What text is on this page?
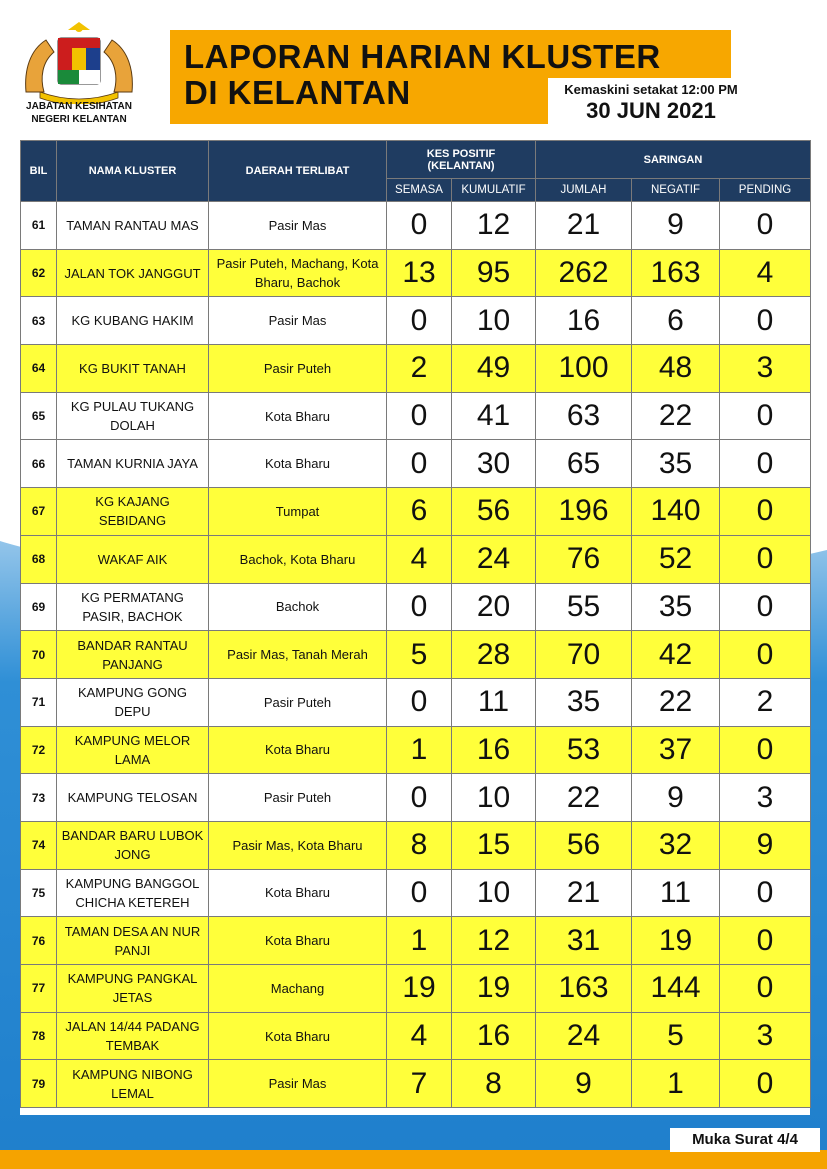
JABATAN KESIHATAN
NEGERI KELANTAN
LAPORAN HARIAN KLUSTER
DI KELANTAN	Kemaskini setakat 12:00 PM
30 JUN 2021
BIL	NAMA KLUSTER	DAERAH TERLIBAT	KES POSITIF
(KELANTAN)		SARINGAN		
			SEMASA	KUMULATIF	JUMLAH	NEGATIF	PENDING
61	TAMAN RANTAU MAS	Pasir Mas	0	12	21	9	0
62	JALAN TOK JANGGUT	Pasir Puteh, Machang, Kota Bharu, Bachok	13	95	262	163	4
63	KG KUBANG HAKIM	Pasir Mas	0	10	16	6	0
64	KG BUKIT TANAH	Pasir Puteh	2	49	100	48	3
65	KG PULAU TUKANG DOLAH	Kota Bharu	0	41	63	22	0
66	TAMAN KURNIA JAYA	Kota Bharu	0	30	65	35	0
67	KG KAJANG SEBIDANG	Tumpat	6	56	196	140	0
68	WAKAF AIK	Bachok, Kota Bharu	4	24	76	52	0
69	KG PERMATANG PASIR, BACHOK	Bachok	0	20	55	35	0
70	BANDAR RANTAU PANJANG	Pasir Mas, Tanah Merah	5	28	70	42	0
71	KAMPUNG GONG DEPU	Pasir Puteh	0	11	35	22	2
72	KAMPUNG MELOR LAMA	Kota Bharu	1	16	53	37	0
73	KAMPUNG TELOSAN	Pasir Puteh	0	10	22	9	3
74	BANDAR BARU LUBOK JONG	Pasir Mas, Kota Bharu	8	15	56	32	9
75	KAMPUNG BANGGOL CHICHA KETEREH	Kota Bharu	0	10	21	11	0
76	TAMAN DESA AN NUR PANJI	Kota Bharu	1	12	31	19	0
77	KAMPUNG PANGKAL JETAS	Machang	19	19	163	144	0
78	JALAN 14/44 PADANG TEMBAK	Kota Bharu	4	16	24	5	3
79	KAMPUNG NIBONG LEMAL	Pasir Mas	7	8	9	1	0
Muka Surat 4/4
